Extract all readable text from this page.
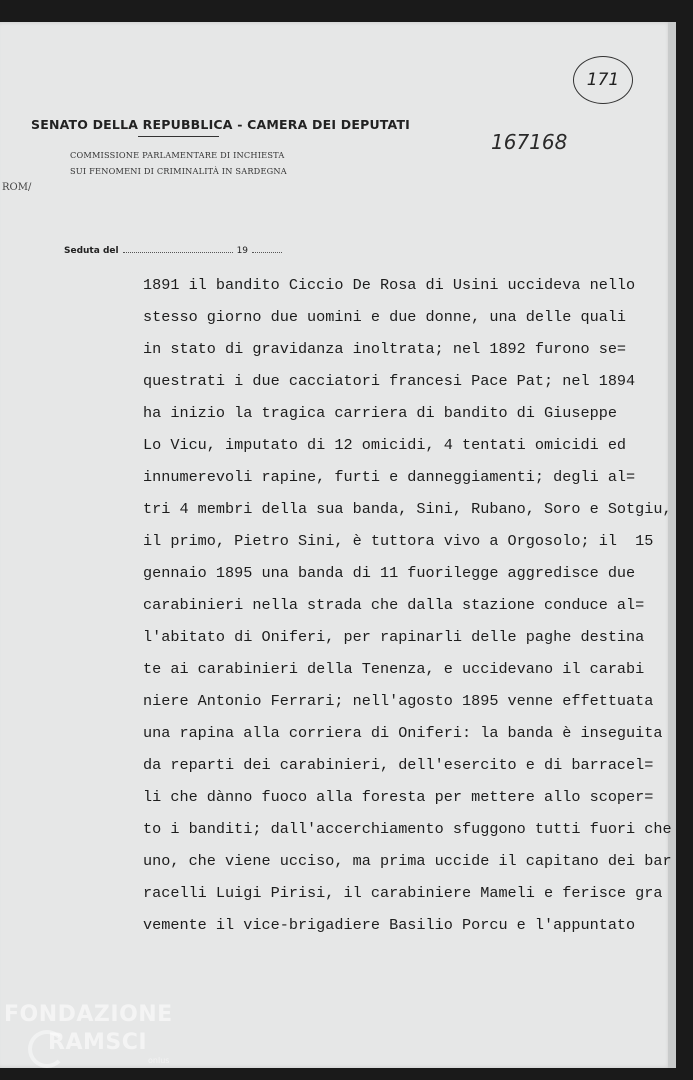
171
167168
SENATO DELLA REPUBBLICA - CAMERA DEI DEPUTATI
COMMISSIONE PARLAMENTARE DI INCHIESTA
SUI FENOMENI DI CRIMINALITÀ IN SARDEGNA
ROM/
Seduta del	19
1891 il bandito Ciccio De Rosa di Usini uccideva nello
stesso giorno due uomini e due donne, una delle quali
in stato di gravidanza inoltrata; nel 1892 furono se=
questrati i due cacciatori francesi Pace Pat; nel 1894
ha inizio la tragica carriera di bandito di Giuseppe
Lo Vicu, imputato di 12 omicidi, 4 tentati omicidi ed
innumerevoli rapine, furti e danneggiamenti; degli al=
tri 4 membri della sua banda, Sini, Rubano, Soro e Sotgiu,
il primo, Pietro Sini, è tuttora vivo a Orgosolo; il  15
gennaio 1895 una banda di 11 fuorilegge aggredisce due
carabinieri nella strada che dalla stazione conduce al=
l'abitato di Oniferi, per rapinarli delle paghe destina
te ai carabinieri della Tenenza, e uccidevano il carabi
niere Antonio Ferrari; nell'agosto 1895 venne effettuata
una rapina alla corriera di Oniferi: la banda è inseguita
da reparti dei carabinieri, dell'esercito e di barracel=
li che dànno fuoco alla foresta per mettere allo scoper=
to i banditi; dall'accerchiamento sfuggono tutti fuori che
uno, che viene ucciso, ma prima uccide il capitano dei bar
racelli Luigi Pirisi, il carabiniere Mameli e ferisce gra
vemente il vice-brigadiere Basilio Porcu e l'appuntato
FONDAZIONE
RAMSCI
onlus
